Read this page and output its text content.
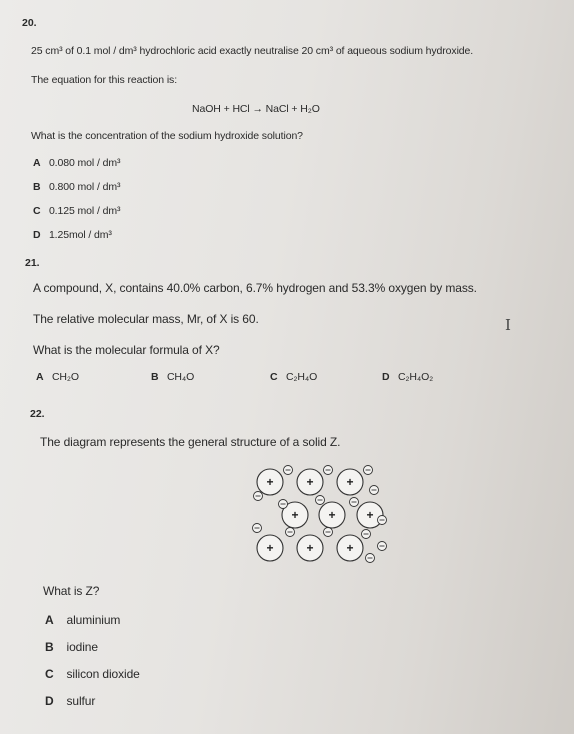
20.
25 cm³ of 0.1 mol / dm³ hydrochloric acid exactly neutralise 20 cm³ of aqueous sodium hydroxide.
The equation for this reaction is:
NaOH + HCl → NaCl + H₂O
What is the concentration of the sodium hydroxide solution?
A 0.080 mol / dm³
B 0.800 mol / dm³
C 0.125 mol / dm³
D 1.25mol / dm³
21.
A compound, X, contains 40.0% carbon, 6.7% hydrogen and 53.3% oxygen by mass.
The relative molecular mass, Mr, of X is 60.
What is the molecular formula of X?
A CH₂O	B CH₄O	C C₂H₄O	D C₂H₄O₂
I
22.
The diagram represents the general structure of a solid Z.
+	+	+
+ +	+
+	+	+
What is Z?
A aluminium
B iodine
C silicon dioxide
D sulfur
